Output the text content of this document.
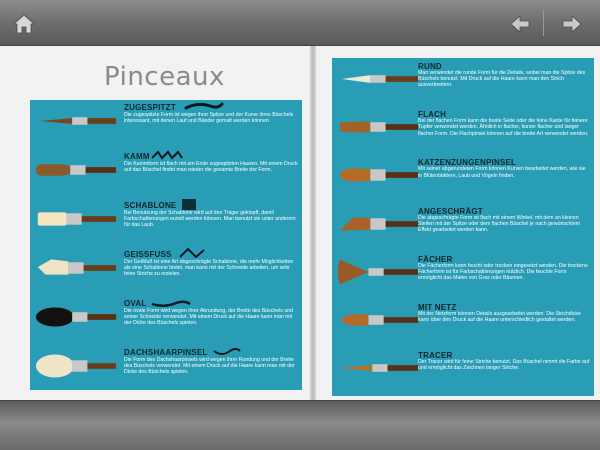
Pinceaux
ZUGESPITZT
Die zugespitzte Form ist wegen ihrer Spitze und der Kurve ihres Büschels interessant, mit denen Lauf und Bänder gemalt werden können.
KAMM
Die Kammform ist flach mit am Ende zugespitzten Haaren. Mit einem Druck auf das Büschel findet man wieder die gesamte Breite der Form.
SCHABLONE
Bei Benutzung der Schablone wird auf den Träger geklopft, damit Farbschattierungen erzielt werden können. Man benutzt sie unter anderem für das Laub.
GEISSFUSS
Der Geißfuß ist eine Art abgeschrägte Schablone, die mehr Möglichkeiten als eine Schablone bietet, man kann mit der Schneide arbeiten, um sehr feine Striche zu erzielen.
OVAL
Die ovale Form wird wegen ihrer Abrundung, der Breite des Büschels und seiner Schneide verwendet. Mit einem Druck auf die Haare kann man mit der Dicke des Büschels spielen.
DACHSHAARPINSEL
Die Form des Dachshaarpinsels wird wegen ihrer Rundung und der Breite des Büschels verwendet. Mit einem Druck auf die Haare kann man mit der Dicke des Büschels spielen.
RUND
Man verwendet die runde Form für die Details, wobei man die Spitze des Büschels benutzt. Mit Druck auf die Haare kann man den Strich ausverbreitern.
FLACH
Bei der flachen Form kann die breite Seite oder die feine Kante für feinere Tupfer verwendet werden. Ähnlich in flacher, kurzer flacher und langer flacher Form. Die Flachpinsel können auf die breite Art verwendet werden.
KATZENZUNGENPINSEL
Mit seiner abgerundeten Form können Kurven bearbeitet werden, wie sie in Blütenblättern, Laub und Vögeln finden.
ANGESCHRÄGT
Die abgeschrägte Form ist flach mit einem Winkel, mit dem an kleinen Stellen mit der Spitze oder dem flachen Büschel je nach gewünschtem Effekt gearbeitet werden kann.
FÄCHER
Die Fächerform kann feucht oder trocken eingesetzt werden. Die trockene Fächerform ist für Farbschattierungen nützlich. Die feuchte Form ermöglicht das Malen von Gras oder Bäumen.
MIT NETZ
Mit der Netzform können Details ausgearbeitet werden. Die Strichdicke kann über den Druck auf die Haare unterschiedlich gestaltet werden.
TRACER
Der Tracer wird für feine Striche benutzt. Das Büschel nimmt die Farbe auf und ermöglicht das Zeichnen langer Striche.
